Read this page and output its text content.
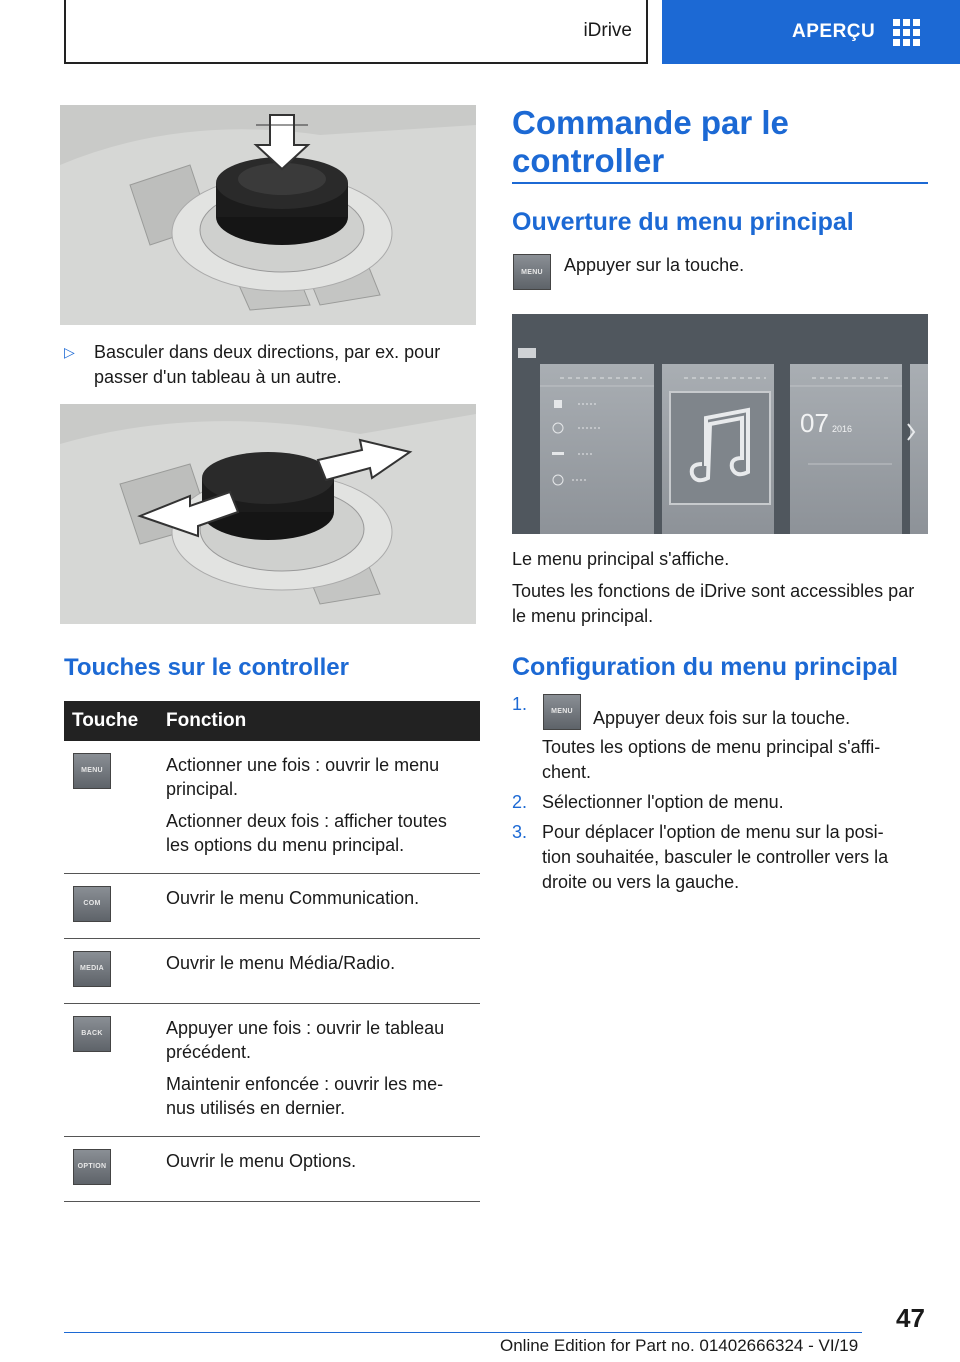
iDrive	APERÇU
▷ Basculer dans deux directions, par ex. pour passer d'un tableau à un autre.
Touches sur le controller
Touche	Fonction

MENU	Actionner une fois : ouvrir le menu principal.

Actionner deux fois : afficher toutes les options du menu principal.

COM	Ouvrir le menu Communication.

MEDIA	Ouvrir le menu Média/Radio.

BACK	Appuyer une fois : ouvrir le tableau précédent.

Maintenir enfoncée : ouvrir les me-nus utilisés en dernier.

OPTION	Ouvrir le menu Options.

Commande par le controller
Ouverture du menu principal
MENU	Appuyer sur la touche.
07 2016
Le menu principal s'affiche.
Toutes les fonctions de iDrive sont accessibles par le menu principal.
Configuration du menu principal
1.	MENU	Appuyer deux fois sur la touche.
Toutes les options de menu principal s'affi-chent.
2. Sélectionner l'option de menu.
3. Pour déplacer l'option de menu sur la posi-tion souhaitée, basculer le controller vers la droite ou vers la gauche.
47
Online Edition for Part no. 01402666324 - VI/19
